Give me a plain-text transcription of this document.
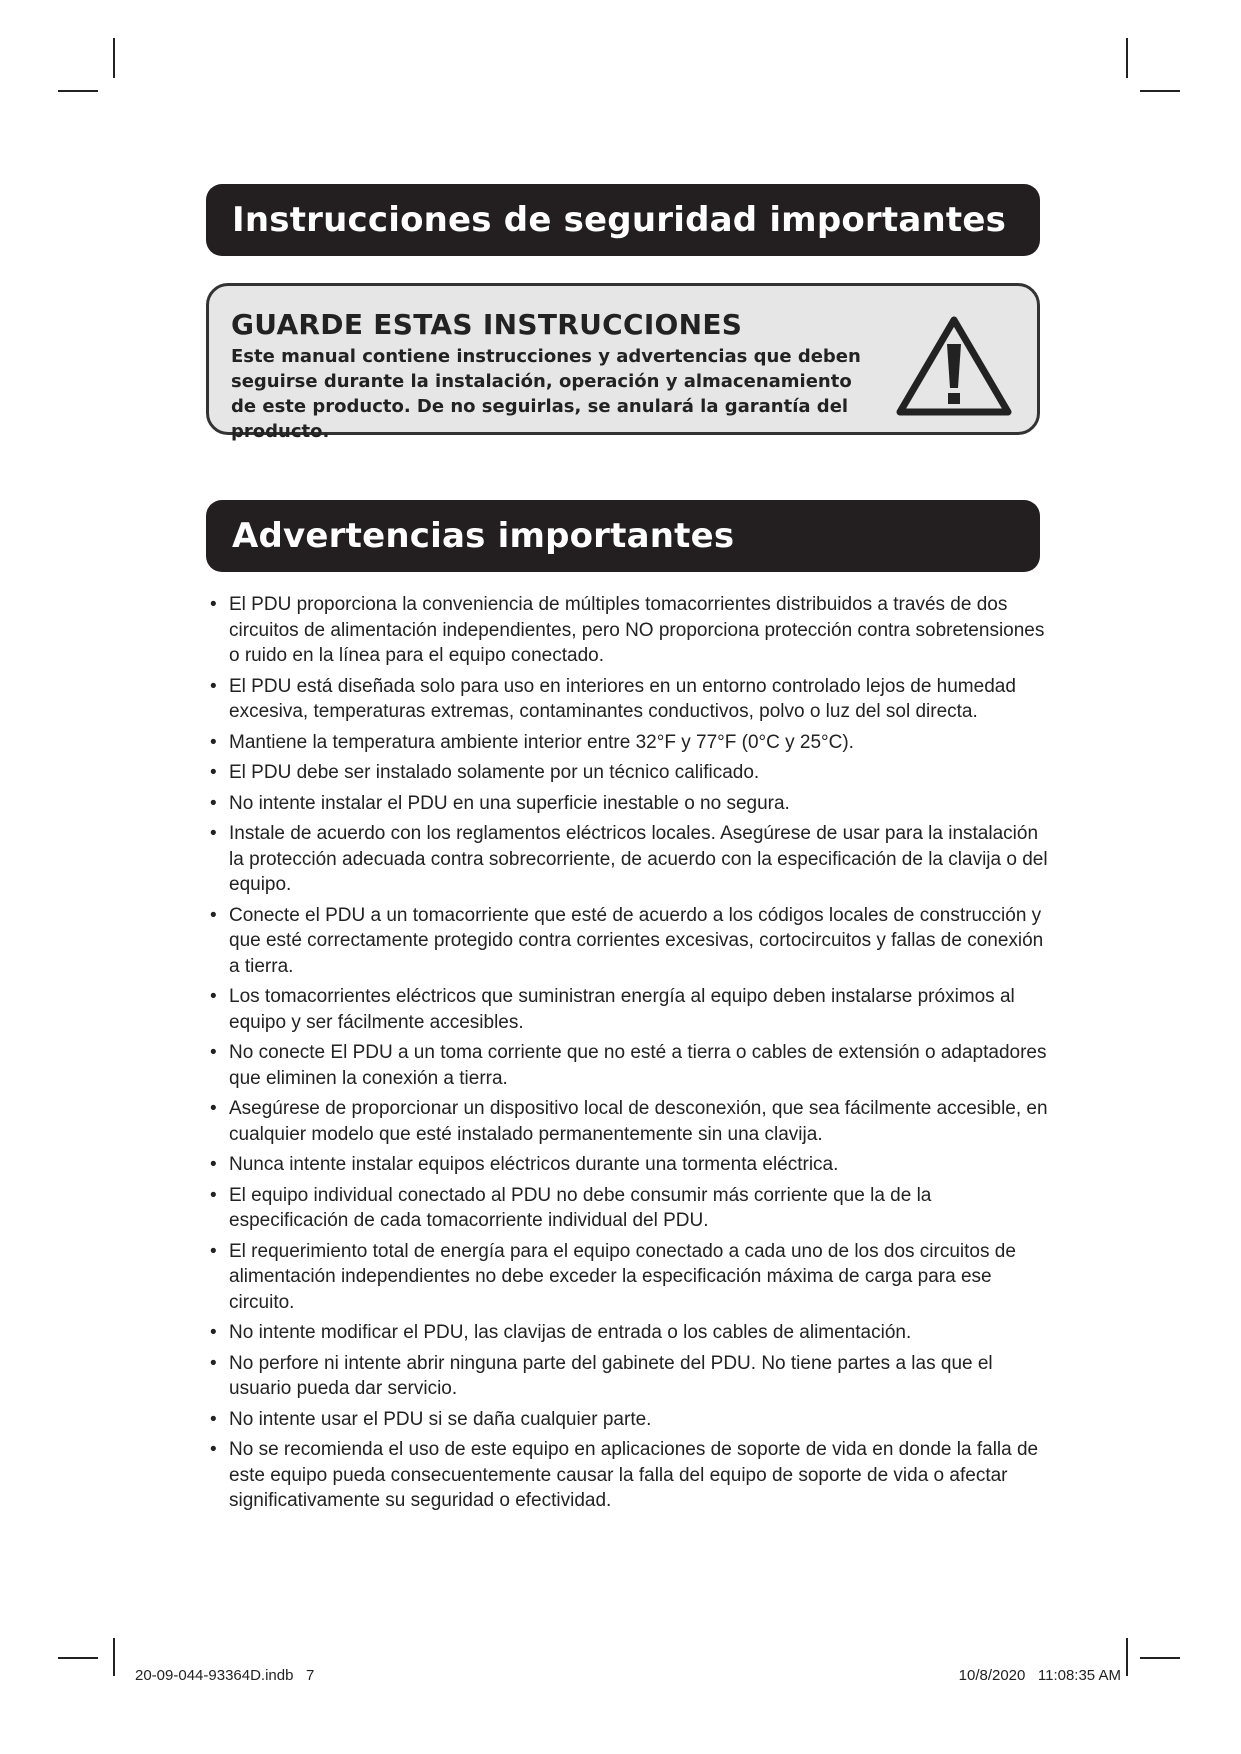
Instrucciones de seguridad importantes
GUARDE ESTAS INSTRUCCIONES
Este manual contiene instrucciones y advertencias que deben seguirse durante la instalación, operación y almacenamiento de este producto. De no seguirlas, se anulará la garantía del producto.
Advertencias importantes
• El PDU proporciona la conveniencia de múltiples tomacorrientes distribuidos a través de dos circuitos de alimentación independientes, pero NO proporciona protección contra sobretensiones o ruido en la línea para el equipo conectado.
• El PDU está diseñada solo para uso en interiores en un entorno controlado lejos de humedad excesiva, temperaturas extremas, contaminantes conductivos, polvo o luz del sol directa.
• Mantiene la temperatura ambiente interior entre 32°F y 77°F (0°C y 25°C).
• El PDU debe ser instalado solamente por un técnico calificado.
• No intente instalar el PDU en una superficie inestable o no segura.
• Instale de acuerdo con los reglamentos eléctricos locales. Asegúrese de usar para la instalación la protección adecuada contra sobrecorriente, de acuerdo con la especificación de la clavija o del equipo.
• Conecte el PDU a un tomacorriente que esté de acuerdo a los códigos locales de construcción y que esté correctamente protegido contra corrientes excesivas, cortocircuitos y fallas de conexión a tierra.
• Los tomacorrientes eléctricos que suministran energía al equipo deben instalarse próximos al equipo y ser fácilmente accesibles.
• No conecte El PDU a un toma corriente que no esté a tierra o cables de extensión o adaptadores que eliminen la conexión a tierra.
• Asegúrese de proporcionar un dispositivo local de desconexión, que sea fácilmente accesible, en cualquier modelo que esté instalado permanentemente sin una clavija.
• Nunca intente instalar equipos eléctricos durante una tormenta eléctrica.
• El equipo individual conectado al PDU no debe consumir más corriente que la de la especificación de cada tomacorriente individual del PDU.
• El requerimiento total de energía para el equipo conectado a cada uno de los dos circuitos de alimentación independientes no debe exceder la especificación máxima de carga para ese circuito.
• No intente modificar el PDU, las clavijas de entrada o los cables de alimentación.
• No perfore ni intente abrir ninguna parte del gabinete del PDU. No tiene partes a las que el usuario pueda dar servicio.
• No intente usar el PDU si se daña cualquier parte.
• No se recomienda el uso de este equipo en aplicaciones de soporte de vida en donde la falla de este equipo pueda consecuentemente causar la falla del equipo de soporte de vida o afectar significativamente su seguridad o efectividad.
20-09-044-93364D.indb   7	10/8/2020   11:08:35 AM
